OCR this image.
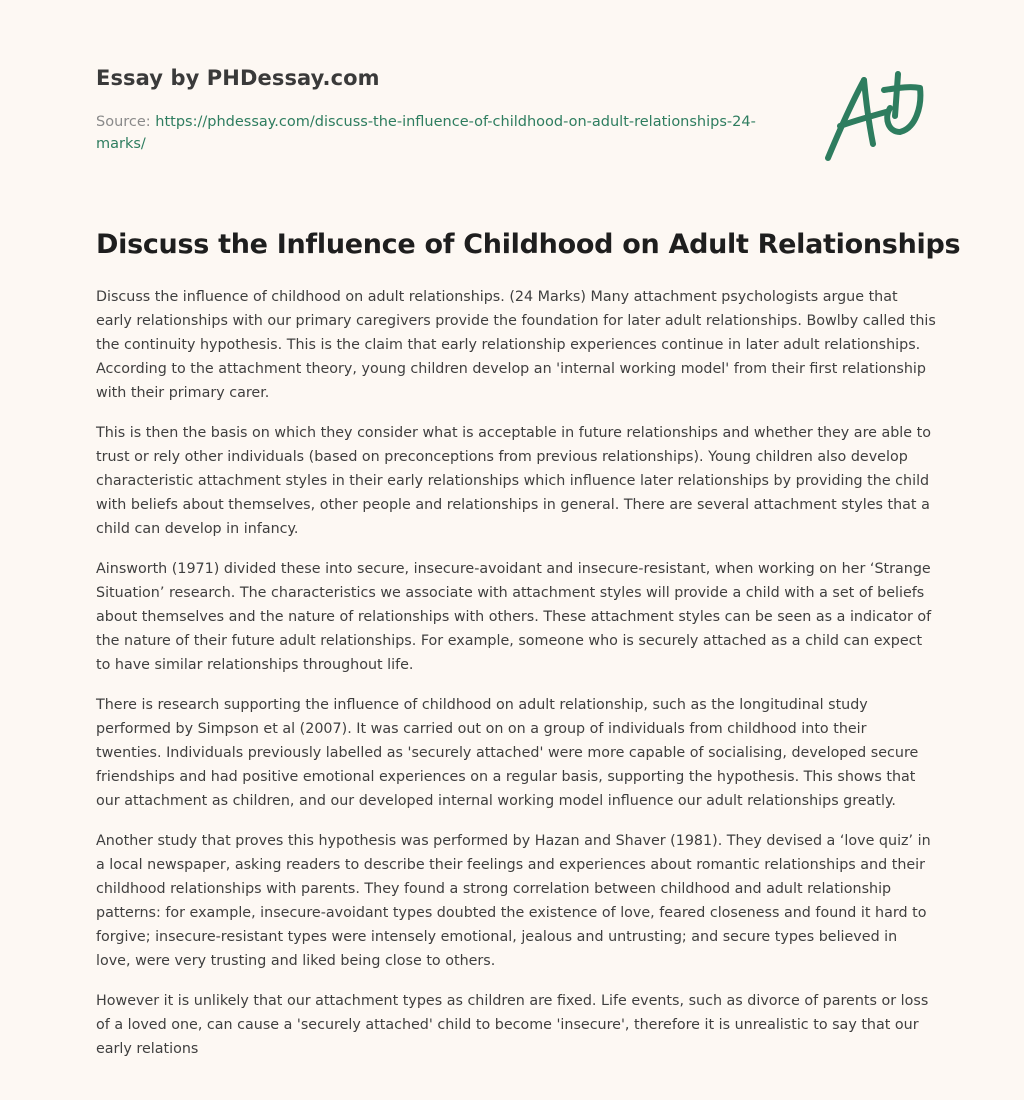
Essay by PHDessay.com
Source: https://phdessay.com/discuss-the-influence-of-childhood-on-adult-relationships-24-marks/
Discuss the Influence of Childhood on Adult Relationships

Discuss the influence of childhood on adult relationships. (24 Marks) Many attachment psychologists argue that early relationships with our primary caregivers provide the foundation for later adult relationships. Bowlby called this the continuity hypothesis. This is the claim that early relationship experiences continue in later adult relationships. According to the attachment theory, young children develop an 'internal working model' from their first relationship with their primary carer.

This is then the basis on which they consider what is acceptable in future relationships and whether they are able to trust or rely other individuals (based on preconceptions from previous relationships). Young children also develop characteristic attachment styles in their early relationships which influence later relationships by providing the child with beliefs about themselves, other people and relationships in general. There are several attachment styles that a child can develop in infancy.

Ainsworth (1971) divided these into secure, insecure-avoidant and insecure-resistant, when working on her ‘Strange Situation’ research. The characteristics we associate with attachment styles will provide a child with a set of beliefs about themselves and the nature of relationships with others. These attachment styles can be seen as a indicator of the nature of their future adult relationships. For example, someone who is securely attached as a child can expect to have similar relationships throughout life.

There is research supporting the influence of childhood on adult relationship, such as the longitudinal study performed by Simpson et al (2007). It was carried out on on a group of individuals from childhood into their twenties. Individuals previously labelled as 'securely attached' were more capable of socialising, developed secure friendships and had positive emotional experiences on a regular basis, supporting the hypothesis. This shows that our attachment as children, and our developed internal working model influence our adult relationships greatly.

Another study that proves this hypothesis was performed by Hazan and Shaver (1981). They devised a ‘love quiz’ in a local newspaper, asking readers to describe their feelings and experiences about romantic relationships and their childhood relationships with parents. They found a strong correlation between childhood and adult relationship patterns: for example, insecure-avoidant types doubted the existence of love, feared closeness and found it hard to forgive; insecure-resistant types were intensely emotional, jealous and untrusting; and secure types believed in love, were very trusting and liked being close to others.

However it is unlikely that our attachment types as children are fixed. Life events, such as divorce of parents or loss of a loved one, can cause a 'securely attached' child to become 'insecure', therefore it is unrealistic to say that our early relations
